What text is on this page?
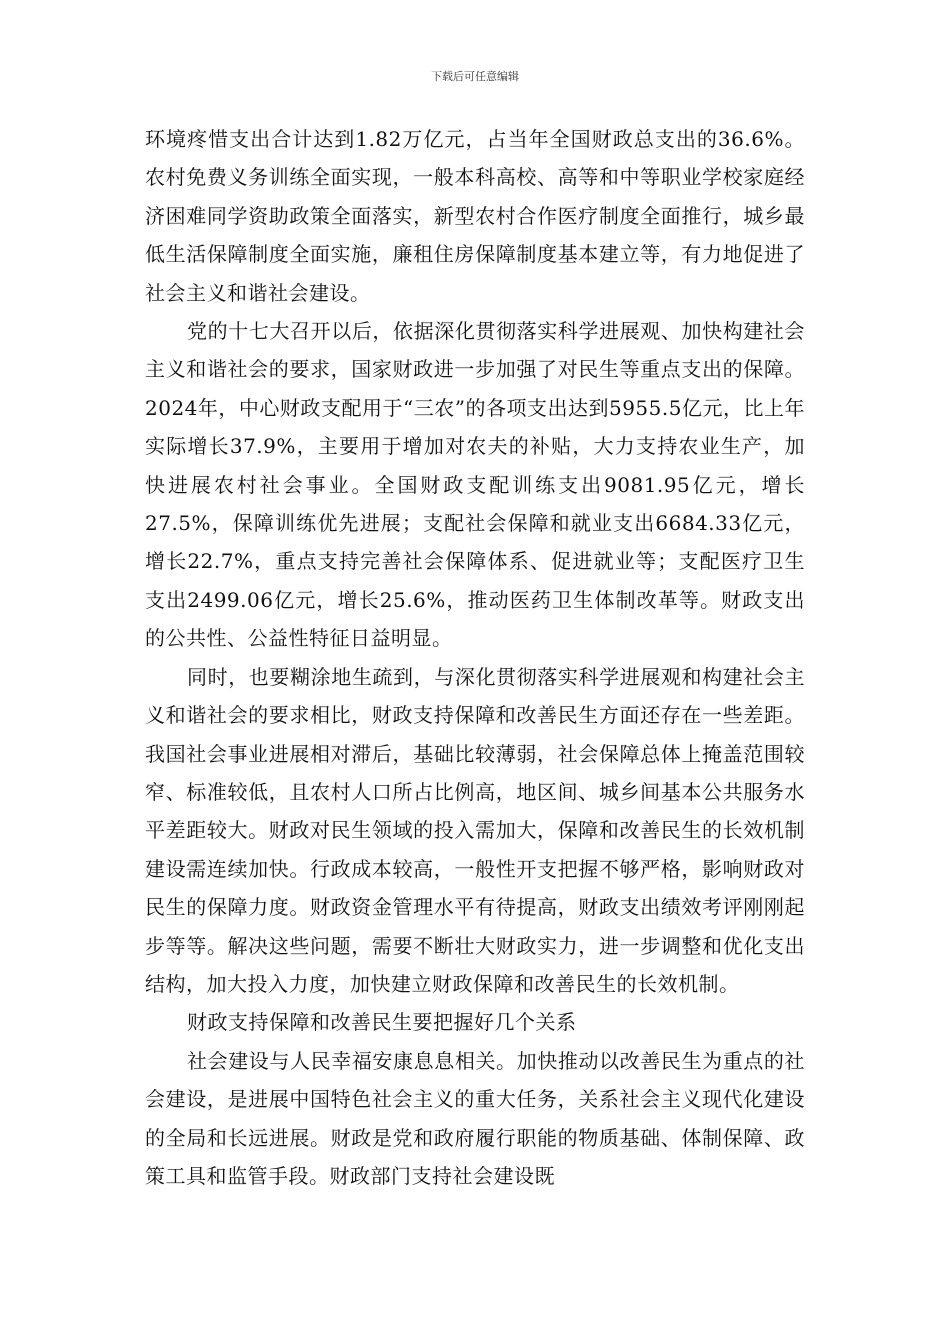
下载后可任意编辑

环境疼惜支出合计达到1.82万亿元，占当年全国财政总支出的36.6%。农村免费义务训练全面实现，一般本科高校、高等和中等职业学校家庭经济困难同学资助政策全面落实，新型农村合作医疗制度全面推行，城乡最低生活保障制度全面实施，廉租住房保障制度基本建立等，有力地促进了社会主义和谐社会建设。

党的十七大召开以后，依据深化贯彻落实科学进展观、加快构建社会主义和谐社会的要求，国家财政进一步加强了对民生等重点支出的保障。2024年，中心财政支配用于“三农”的各项支出达到5955.5亿元，比上年实际增长37.9%，主要用于增加对农夫的补贴，大力支持农业生产，加快进展农村社会事业。全国财政支配训练支出9081.95亿元，增长27.5%，保障训练优先进展；支配社会保障和就业支出6684.33亿元，增长22.7%，重点支持完善社会保障体系、促进就业等；支配医疗卫生支出2499.06亿元，增长25.6%，推动医药卫生体制改革等。财政支出的公共性、公益性特征日益明显。

同时，也要糊涂地生疏到，与深化贯彻落实科学进展观和构建社会主义和谐社会的要求相比，财政支持保障和改善民生方面还存在一些差距。我国社会事业进展相对滞后，基础比较薄弱，社会保障总体上掩盖范围较窄、标准较低，且农村人口所占比例高，地区间、城乡间基本公共服务水平差距较大。财政对民生领域的投入需加大，保障和改善民生的长效机制建设需连续加快。行政成本较高，一般性开支把握不够严格，影响财政对民生的保障力度。财政资金管理水平有待提高，财政支出绩效考评刚刚起步等等。解决这些问题，需要不断壮大财政实力，进一步调整和优化支出结构，加大投入力度，加快建立财政保障和改善民生的长效机制。

财政支持保障和改善民生要把握好几个关系

社会建设与人民幸福安康息息相关。加快推动以改善民生为重点的社会建设，是进展中国特色社会主义的重大任务，关系社会主义现代化建设的全局和长远进展。财政是党和政府履行职能的物质基础、体制保障、政策工具和监管手段。财政部门支持社会建设既
